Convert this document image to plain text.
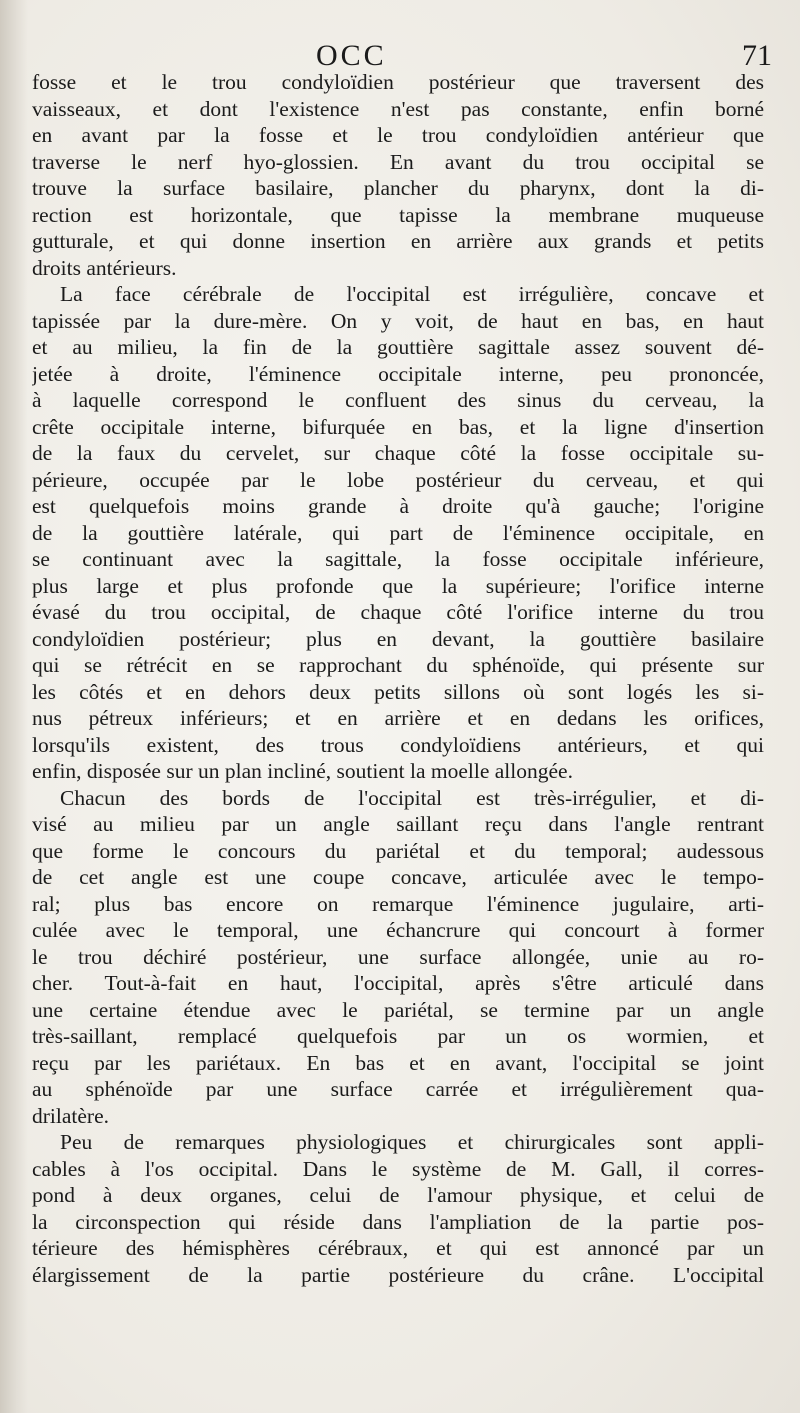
OCC	71
fosse et le trou condyloïdien postérieur que traversent des
vaisseaux, et dont l'existence n'est pas constante, enfin borné
en avant par la fosse et le trou condyloïdien antérieur que
traverse le nerf hyo-glossien. En avant du trou occipital se
trouve la surface basilaire, plancher du pharynx, dont la di-
rection est horizontale, que tapisse la membrane muqueuse
gutturale, et qui donne insertion en arrière aux grands et petits
droits antérieurs.
La face cérébrale de l'occipital est irrégulière, concave et
tapissée par la dure-mère. On y voit, de haut en bas, en haut
et au milieu, la fin de la gouttière sagittale assez souvent dé-
jetée à droite, l'éminence occipitale interne, peu prononcée,
à laquelle correspond le confluent des sinus du cerveau, la
crête occipitale interne, bifurquée en bas, et la ligne d'insertion
de la faux du cervelet, sur chaque côté la fosse occipitale su-
périeure, occupée par le lobe postérieur du cerveau, et qui
est quelquefois moins grande à droite qu'à gauche; l'origine
de la gouttière latérale, qui part de l'éminence occipitale, en
se continuant avec la sagittale, la fosse occipitale inférieure,
plus large et plus profonde que la supérieure; l'orifice interne
évasé du trou occipital, de chaque côté l'orifice interne du trou
condyloïdien postérieur; plus en devant, la gouttière basilaire
qui se rétrécit en se rapprochant du sphénoïde, qui présente sur
les côtés et en dehors deux petits sillons où sont logés les si-
nus pétreux inférieurs; et en arrière et en dedans les orifices,
lorsqu'ils existent, des trous condyloïdiens antérieurs, et qui
enfin, disposée sur un plan incliné, soutient la moelle allongée.
Chacun des bords de l'occipital est très-irrégulier, et di-
visé au milieu par un angle saillant reçu dans l'angle rentrant
que forme le concours du pariétal et du temporal; audessous
de cet angle est une coupe concave, articulée avec le tempo-
ral; plus bas encore on remarque l'éminence jugulaire, arti-
culée avec le temporal, une échancrure qui concourt à former
le trou déchiré postérieur, une surface allongée, unie au ro-
cher. Tout-à-fait en haut, l'occipital, après s'être articulé dans
une certaine étendue avec le pariétal, se termine par un angle
très-saillant, remplacé quelquefois par un os wormien, et
reçu par les pariétaux. En bas et en avant, l'occipital se joint
au sphénoïde par une surface carrée et irrégulièrement qua-
drilatère.
Peu de remarques physiologiques et chirurgicales sont appli-
cables à l'os occipital. Dans le système de M. Gall, il corres-
pond à deux organes, celui de l'amour physique, et celui de
la circonspection qui réside dans l'ampliation de la partie pos-
térieure des hémisphères cérébraux, et qui est annoncé par un
élargissement de la partie postérieure du crâne. L'occipital
